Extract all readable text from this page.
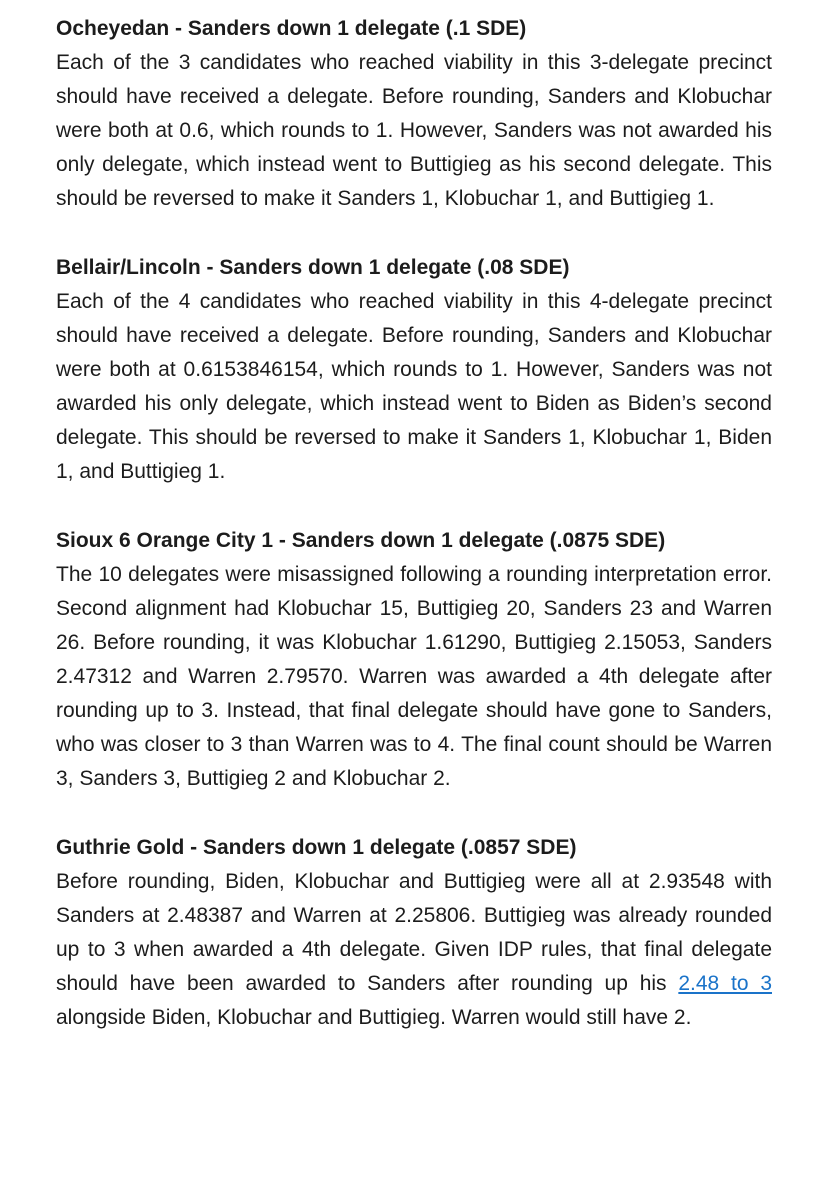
Ocheyedan - Sanders down 1 delegate (.1 SDE)

Each of the 3 candidates who reached viability in this 3-delegate precinct should have received a delegate. Before rounding, Sanders and Klobuchar were both at 0.6, which rounds to 1. However, Sanders was not awarded his only delegate, which instead went to Buttigieg as his second delegate. This should be reversed to make it Sanders 1, Klobuchar 1, and Buttigieg 1.

Bellair/Lincoln - Sanders down 1 delegate (.08 SDE)

Each of the 4 candidates who reached viability in this 4-delegate precinct should have received a delegate. Before rounding, Sanders and Klobuchar were both at 0.6153846154, which rounds to 1. However, Sanders was not awarded his only delegate, which instead went to Biden as Biden’s second delegate. This should be reversed to make it Sanders 1, Klobuchar 1, Biden 1, and Buttigieg 1.

Sioux 6 Orange City 1 - Sanders down 1 delegate (.0875 SDE)

The 10 delegates were misassigned following a rounding interpretation error. Second alignment had Klobuchar 15, Buttigieg 20, Sanders 23 and Warren 26. Before rounding, it was Klobuchar 1.61290, Buttigieg 2.15053, Sanders 2.47312 and Warren 2.79570. Warren was awarded a 4th delegate after rounding up to 3. Instead, that final delegate should have gone to Sanders, who was closer to 3 than Warren was to 4. The final count should be Warren 3, Sanders 3, Buttigieg 2 and Klobuchar 2.

Guthrie Gold - Sanders down 1 delegate (.0857 SDE)

Before rounding, Biden, Klobuchar and Buttigieg were all at 2.93548 with Sanders at 2.48387 and Warren at 2.25806. Buttigieg was already rounded up to 3 when awarded a 4th delegate. Given IDP rules, that final delegate should have been awarded to Sanders after rounding up his 2.48 to 3 alongside Biden, Klobuchar and Buttigieg. Warren would still have 2.
